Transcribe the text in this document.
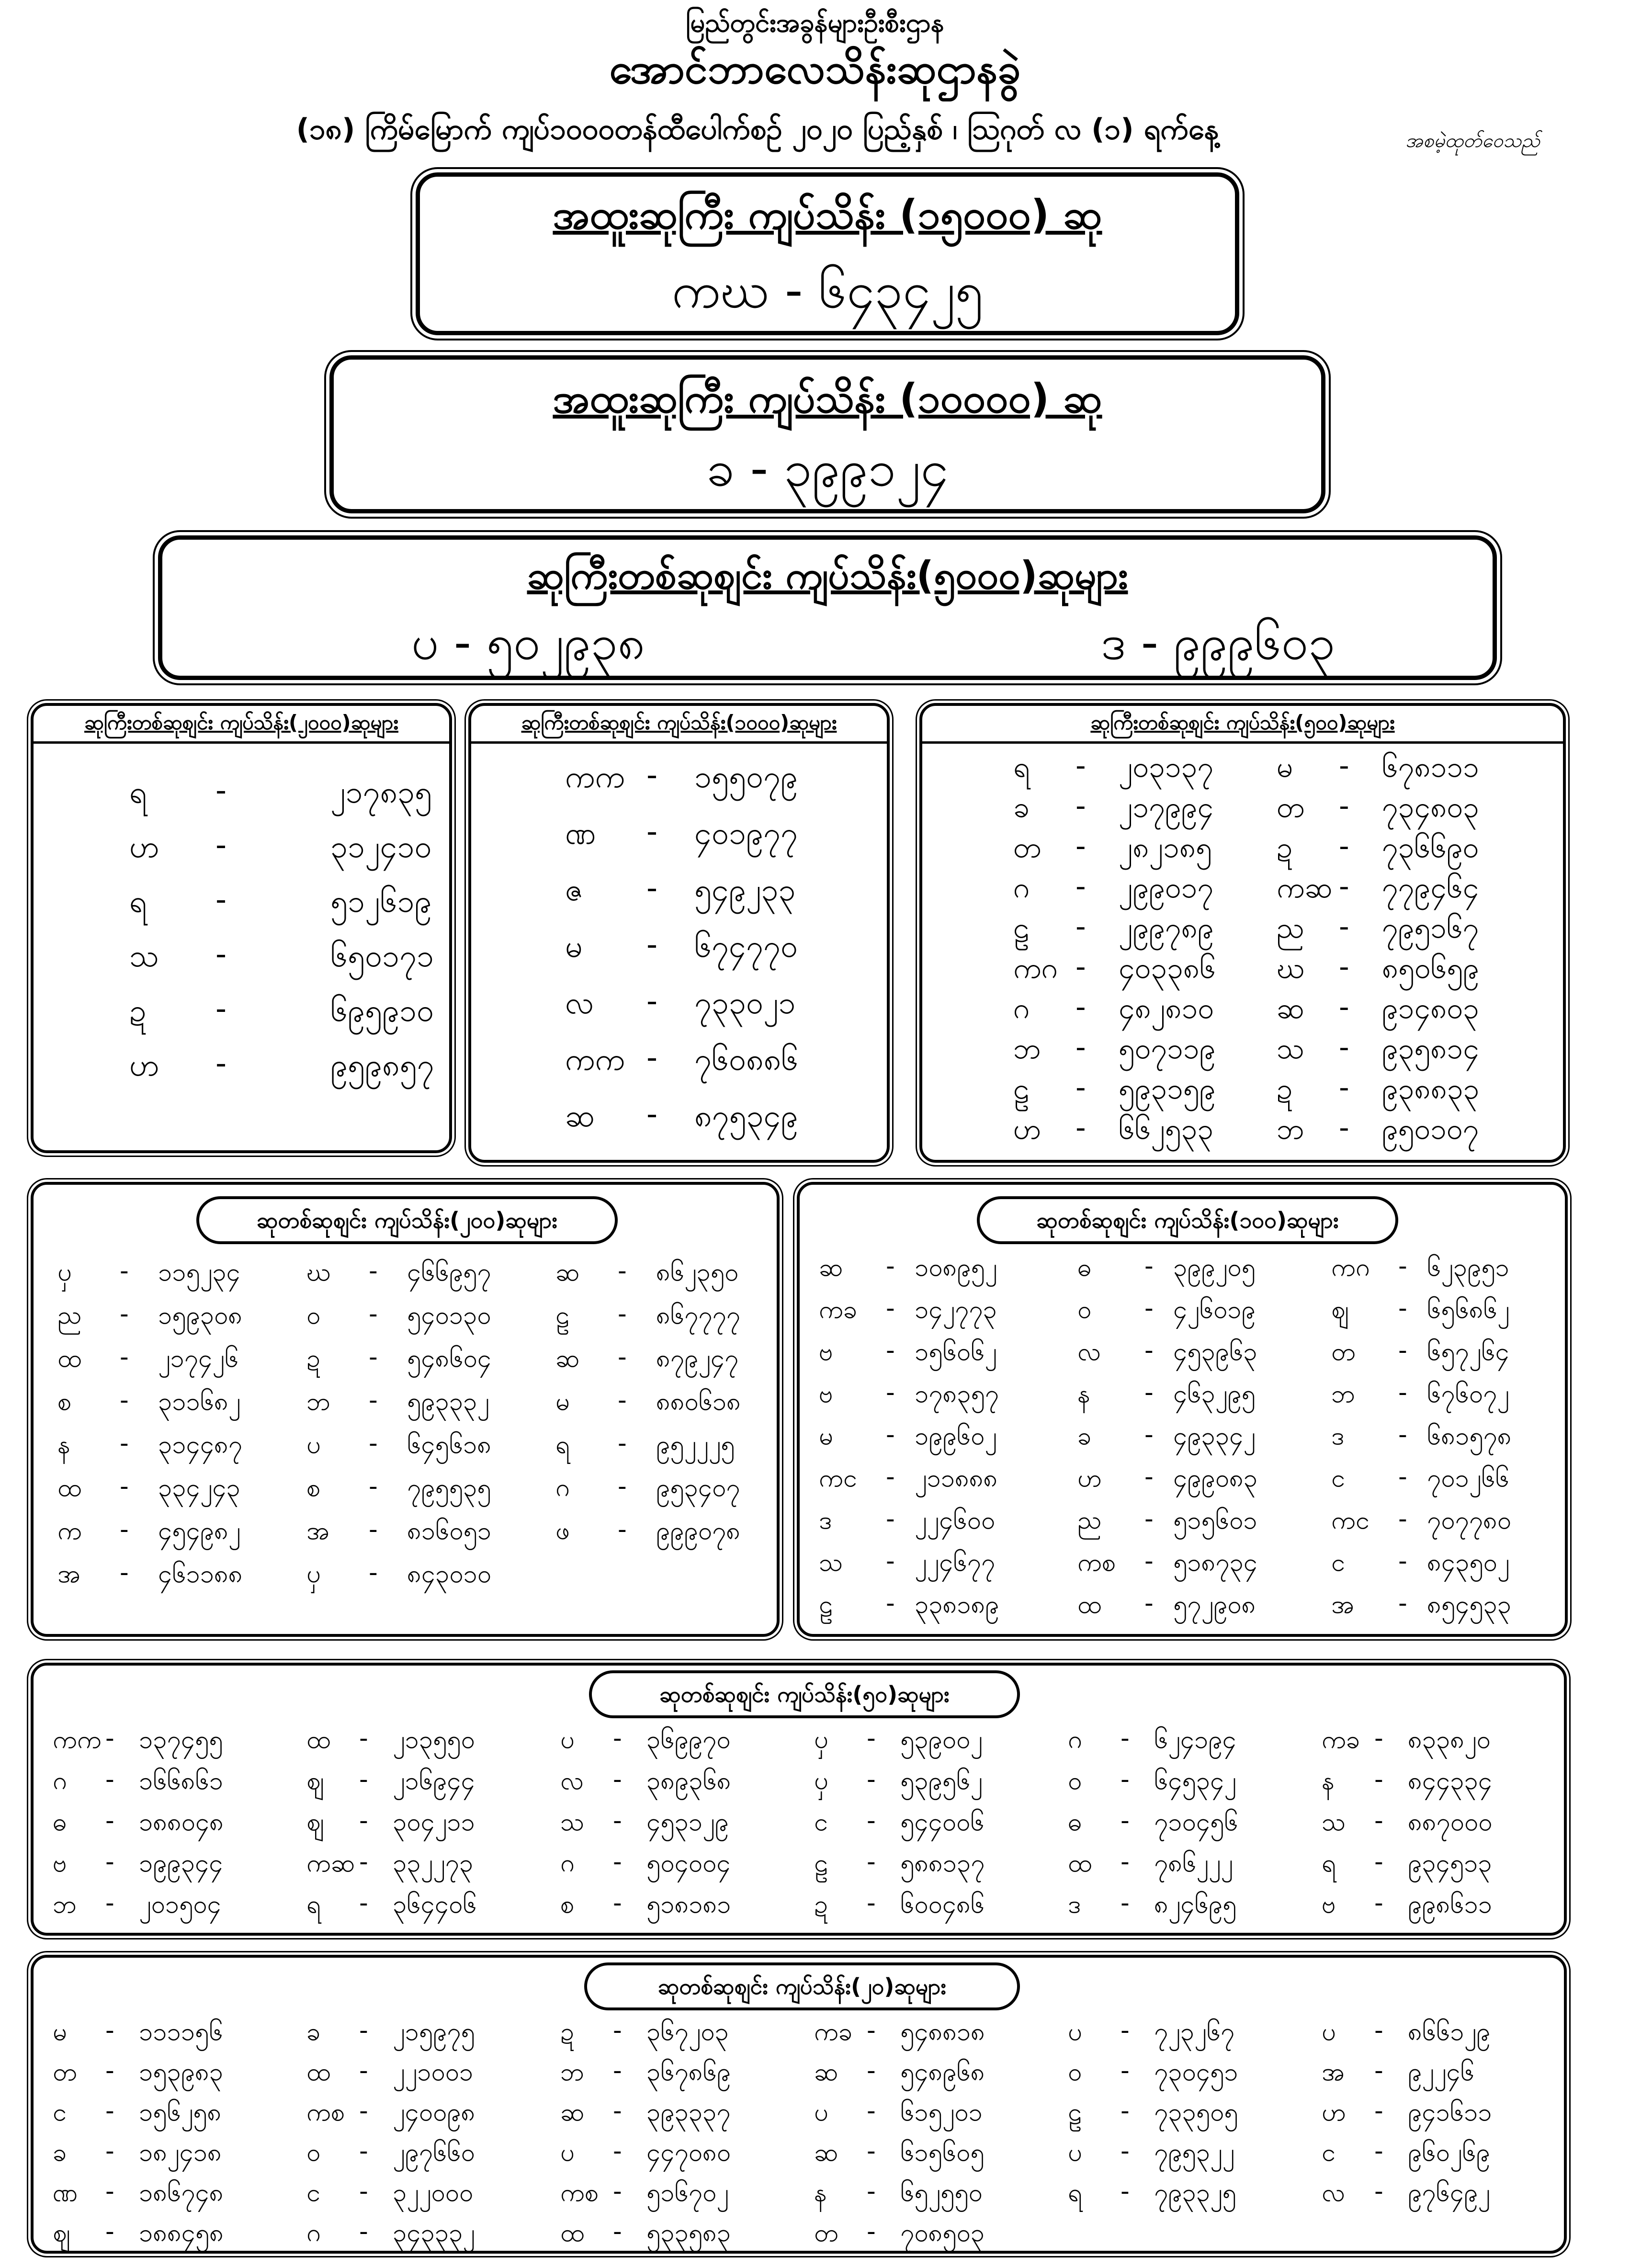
မြည်တွင်းအခွန်များဦးစီးဌာန
အောင်ဘာလေသိန်းဆုဌာနခွဲ
(၁၈) ကြိမ်မြောက် ကျပ်၁၀၀၀တန်ထီပေါက်စဉ် ၂၀၂၀ ပြည့်နှစ် ၊ ဩဂုတ် လ (၁) ရက်နေ့	အစမဲ့ထုတ်ဝေသည်
အထူးဆုကြီး ကျပ်သိန်း (၁၅၀၀၀) ဆု
ကဃ - ၆၄၃၄၂၅
အထူးဆုကြီး ကျပ်သိန်း (၁၀၀၀၀) ဆု
ခ - ၃၉၉၁၂၄
ဆုကြီးတစ်ဆုစျင်း ကျပ်သိန်း(၅၀၀၀)ဆုများ
ပ - ၅၀၂၉၃၈	ဒ - ၉၉၉၆၀၃
ဆုကြီးတစ်ဆုစျင်း ကျပ်သိန်း(၂၀၀၀)ဆုများ
ရ -	၂၁၇၈၃၅
ဟ -	၃၁၂၄၁၀
ရ -	၅၁၂၆၁၉
သ -	၆၅၀၁၇၁
ဍ -	၆၉၅၉၁၀
ဟ -	၉၅၉၈၅၇
ဆုကြီးတစ်ဆုစျင်း ကျပ်သိန်း(၁၀၀၀)ဆုများ
ကက - ၁၅၅၀၇၉
ဏ - ၄၀၁၉၇၇
ဇ - ၅၄၉၂၃၃
မ - ၆၇၄၇၇၀
လ - ၇၃၃၀၂၁
ကက - ၇၆၀၈၈၆
ဆ - ၈၇၅၃၄၉
ဆုကြီးတစ်ဆုစျင်း ကျပ်သိန်း(၅၀၀)ဆုများ
ရ - ၂၀၃၁၃၇ မ - ၆၇၈၁၁၁
ခ - ၂၁၇၉၉၄ တ - ၇၃၄၈၀၃
တ - ၂၈၂၁၈၅ ဍ - ၇၃၆၆၉၀
ဂ - ၂၉၉၀၁၇ ကဆ - ၇၇၉၄၆၄
ဠ - ၂၉၉၇၈၉ ည - ၇၉၅၁၆၇
ကဂ - ၄၀၃၃၈၆ ဃ - ၈၅၀၆၅၉
ဂ - ၄၈၂၈၁၀ ဆ - ၉၁၄၈၀၃
ဘ - ၅၀၇၁၁၉ သ - ၉၃၅၈၁၄
ဠ - ၅၉၃၁၅၉ ဍ - ၉၃၈၈၃၃
ဟ - ၆၆၂၅၃၃ ဘ - ၉၅၀၁၀၇
ဆုတစ်ဆုစျင်း ကျပ်သိန်း(၂၀၀)ဆုများ
ၦ - ၁၁၅၂၃၄	ဃ - ၄၆၆၉၅၇	ဆ - ၈၆၂၃၅၀
ည - ၁၅၉၃၀၈	ဝ - ၅၄၀၁၃၀	ဠ - ၈၆၇၇၇၇
ထ - ၂၁၇၄၂၆	ဍ - ၅၄၈၆၀၄	ဆ - ၈၇၉၂၄၇
စ - ၃၁၁၆၈၂	ဘ - ၅၉၃၃၃၂	မ - ၈၈၀၆၁၈
န - ၃၁၄၄၈၇	ပ - ၆၄၅၆၁၈	ရ - ၉၅၂၂၂၅
ထ - ၃၃၄၂၄၃	စ - ၇၉၅၅၃၅	ဂ - ၉၅၃၄၀၇
က - ၄၅၄၉၈၂	အ - ၈၁၆၀၅၁	ဖ - ၉၉၉၀၇၈
အ - ၄၆၁၁၈၈	ၦ - ၈၄၃၀၁၀
ဆုတစ်ဆုစျင်း ကျပ်သိန်း(၁၀၀)ဆုများ
ဆ - ၁၀၈၉၅၂	ဓ - ၃၉၉၂၀၅	ကဂ - ၆၂၃၉၅၁
ကခ - ၁၄၂၇၇၃	ဝ - ၄၂၆၀၁၉	ဈ - ၆၅၆၈၆၂
ဗ - ၁၅၆၀၆၂	လ - ၄၅၃၉၆၃	တ - ၆၅၇၂၆၄
ဗ - ၁၇၈၃၅၇	န - ၄၆၃၂၉၅	ဘ - ၆၇၆၀၇၂
မ - ၁၉၉၆၀၂	ခ - ၄၉၃၃၄၂	ဒ - ၆၈၁၅၇၈
ကင - ၂၁၁၈၈၈	ဟ - ၄၉၉၀၈၃	င - ၇၀၁၂၆၆
ဒ - ၂၂၄၆၀၀	ည - ၅၁၅၆၀၁	ကင - ၇၀၇၇၈၀
သ - ၂၂၄၆၇၇	ကစ - ၅၁၈၇၃၄	င - ၈၄၃၅၀၂
ဠ - ၃၃၈၁၈၉	ထ - ၅၇၂၉၀၈	အ - ၈၅၄၅၃၃
ဆုတစ်ဆုစျင်း ကျပ်သိန်း(၅၀)ဆုများ
ကက - ၁၃၇၄၅၅	ထ - ၂၁၃၅၅၀	ပ - ၃၆၉၉၇၀	ၦ - ၅၃၉၀၀၂	ဂ - ၆၂၄၁၉၄	ကခ - ၈၃၃၈၂၀
ဂ - ၁၆၆၈၆၁	ဈ - ၂၁၆၉၄၄	လ - ၃၈၉၃၆၈	ၦ - ၅၃၉၅၆၂	ဝ - ၆၄၅၃၄၂	န - ၈၄၄၃၃၄
ဓ - ၁၈၈၀၄၈	ဈ - ၃၀၄၂၁၁	သ - ၄၅၃၁၂၉	င - ၅၄၄၀၀၆	ဓ - ၇၁၀၄၅၆	သ - ၈၈၇၀၀၀
ဗ - ၁၉၉၃၄၄	ကဆ - ၃၃၂၂၇၃	ဂ - ၅၀၄၀၀၄	ဠ - ၅၈၈၁၃၇	ထ - ၇၈၆၂၂၂	ရ - ၉၃၄၅၁၃
ဘ - ၂၀၁၅၀၄	ရ - ၃၆၄၄၀၆	စ - ၅၁၈၁၈၁	ဍ - ၆၀၀၄၈၆	ဒ - ၈၂၄၆၉၅	ဗ - ၉၉၈၆၁၁
ဆုတစ်ဆုစျင်း ကျပ်သိန်း(၂၀)ဆုများ
မ - ၁၁၁၁၅၆	ခ - ၂၁၅၉၇၅	ဍ - ၃၆၇၂၀၃	ကခ - ၅၄၈၈၁၈	ပ - ၇၂၃၂၆၇	ပ - ၈၆၆၁၂၉
တ - ၁၅၃၉၈၃	ထ - ၂၂၁၀၀၁	ဘ - ၃၆၇၈၆၉	ဆ - ၅၄၈၉၆၈	ဝ - ၇၃၀၄၅၁	အ - ၉၂၂၄၆
င - ၁၅၆၂၅၈	ကစ - ၂၄၀၀၉၈	ဆ - ၃၉၃၃၃၇	ပ - ၆၁၅၂၀၁	ဠ - ၇၃၃၅၀၅	ဟ - ၉၄၁၆၁၁
ခ - ၁၈၂၄၁၈	ဝ - ၂၉၇၆၆၀	ပ - ၄၄၇၀၈၀	ဆ - ၆၁၅၆၀၅	ပ - ၇၉၅၃၂၂	င - ၉၆၀၂၆၉
ဏ - ၁၈၆၇၄၈	င - ၃၂၂၀၀၀	ကစ - ၅၁၆၇၀၂	န - ၆၅၂၅၅၀	ရ - ၇၉၃၃၂၅	လ - ၉၇၆၄၉၂
ဈ - ၁၈၈၄၅၈	ဂ - ၃၄၃၃၃၂	ထ - ၅၃၃၅၈၃	တ - ၇၀၈၅၀၃
